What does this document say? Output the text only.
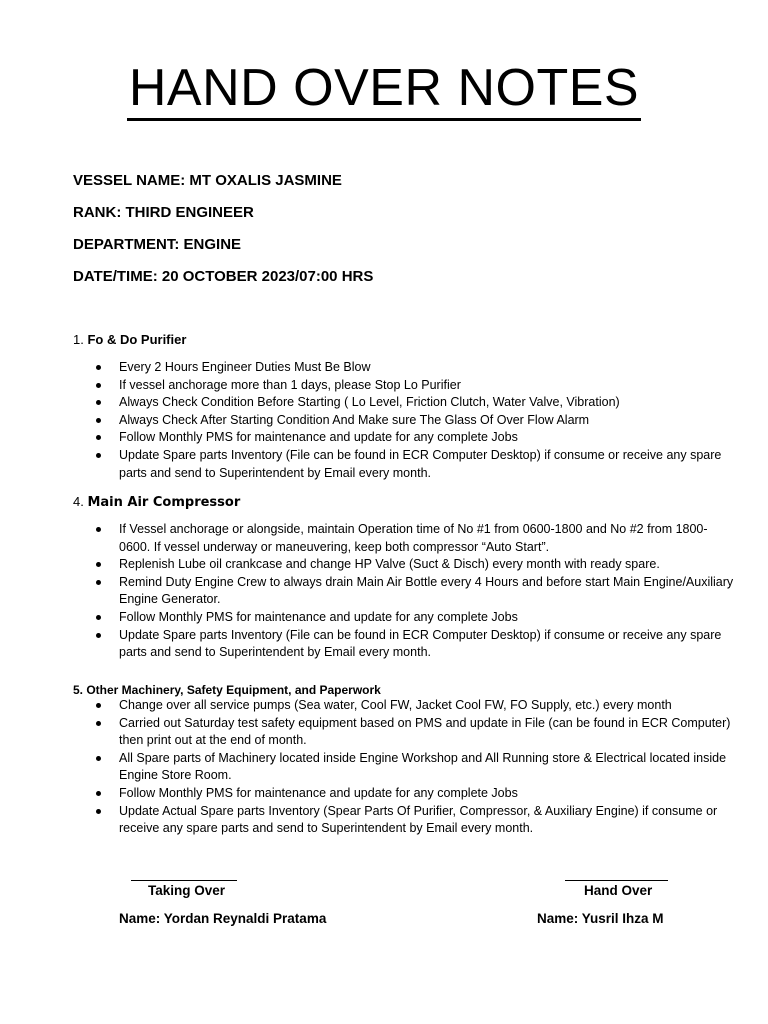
HAND OVER NOTES
VESSEL NAME: MT OXALIS JASMINE
RANK: THIRD ENGINEER
DEPARTMENT: ENGINE
DATE/TIME: 20 OCTOBER 2023/07:00 HRS
1. Fo & Do Purifier
Every 2 Hours Engineer Duties Must Be Blow
If vessel anchorage more than 1 days, please Stop Lo Purifier
Always Check Condition Before Starting ( Lo Level, Friction Clutch, Water Valve, Vibration)
Always Check After Starting Condition And Make sure The Glass Of Over Flow Alarm
Follow Monthly PMS for maintenance and update for any complete Jobs
Update Spare parts Inventory (File can be found in ECR Computer Desktop) if consume or receive any spare parts and send to Superintendent by Email every month.
4. Main Air Compressor
If Vessel anchorage or alongside, maintain Operation time of No #1 from 0600-1800 and No #2 from 1800-0600. If vessel underway or maneuvering, keep both compressor “Auto Start”.
Replenish Lube oil crankcase and change HP Valve (Suct & Disch) every month with ready spare.
Remind Duty Engine Crew to always drain Main Air Bottle every 4 Hours and before start Main Engine/Auxiliary Engine Generator.
Follow Monthly PMS for maintenance and update for any complete Jobs
Update Spare parts Inventory (File can be found in ECR Computer Desktop) if consume or receive any spare parts and send to Superintendent by Email every month.
5. Other Machinery, Safety Equipment, and Paperwork
Change over all service pumps (Sea water, Cool FW, Jacket Cool FW, FO Supply, etc.) every month
Carried out Saturday test safety equipment based on PMS and update in File (can be found in ECR Computer) then print out at the end of month.
All Spare parts of Machinery located inside Engine Workshop and All Running store & Electrical located inside Engine Store Room.
Follow Monthly PMS for maintenance and update for any complete Jobs
Update Actual Spare parts Inventory (Spear Parts Of Purifier, Compressor, & Auxiliary Engine) if consume or receive any spare parts and send to Superintendent by Email every month.
Taking Over
Name: Yordan Reynaldi Pratama
Hand Over
Name: Yusril Ihza M
